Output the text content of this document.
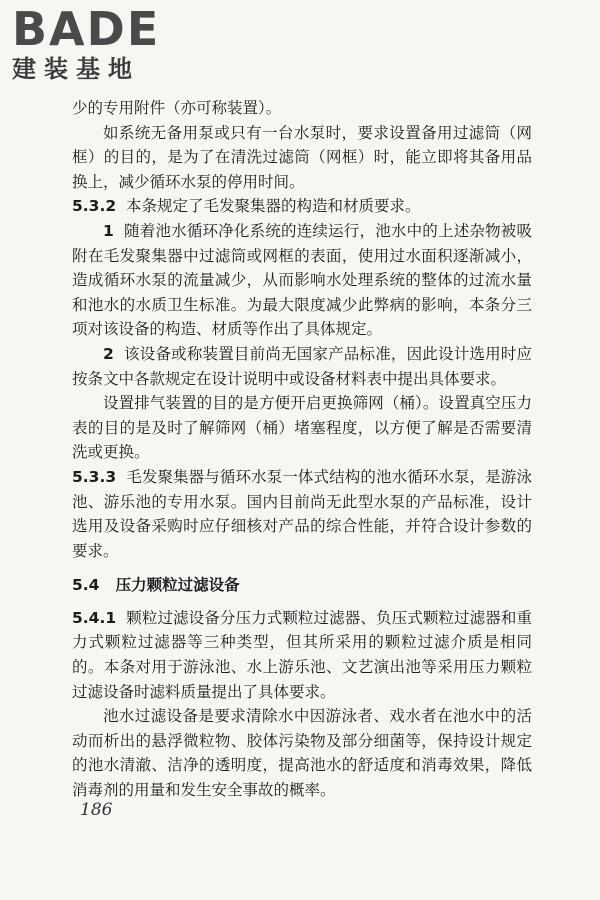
BADE
建装基地

少的专用附件（亦可称装置）。

如系统无备用泵或只有一台水泵时，要求设置备用过滤筒（网框）的目的，是为了在清洗过滤筒（网框）时，能立即将其备用品换上，减少循环水泵的停用时间。

5.3.2 本条规定了毛发聚集器的构造和材质要求。

1 随着池水循环净化系统的连续运行，池水中的上述杂物被吸附在毛发聚集器中过滤筒或网框的表面，使用过水面积逐渐减小，造成循环水泵的流量减少，从而影响水处理系统的整体的过流水量和池水的水质卫生标准。为最大限度减少此弊病的影响，本条分三项对该设备的构造、材质等作出了具体规定。

2 该设备或称装置目前尚无国家产品标准，因此设计选用时应按条文中各款规定在设计说明中或设备材料表中提出具体要求。

设置排气装置的目的是方便开启更换筛网（桶）。设置真空压力表的目的是及时了解筛网（桶）堵塞程度，以方便了解是否需要清洗或更换。

5.3.3 毛发聚集器与循环水泵一体式结构的池水循环水泵，是游泳池、游乐池的专用水泵。国内目前尚无此型水泵的产品标准，设计选用及设备采购时应仔细核对产品的综合性能，并符合设计参数的要求。

5.4 压力颗粒过滤设备

5.4.1 颗粒过滤设备分压力式颗粒过滤器、负压式颗粒过滤器和重力式颗粒过滤器等三种类型，但其所采用的颗粒过滤介质是相同的。本条对用于游泳池、水上游乐池、文艺演出池等采用压力颗粒过滤设备时滤料质量提出了具体要求。

池水过滤设备是要求清除水中因游泳者、戏水者在池水中的活动而析出的悬浮微粒物、胶体污染物及部分细菌等，保持设计规定的池水清澈、洁净的透明度，提高池水的舒适度和消毒效果，降低消毒剂的用量和发生安全事故的概率。

186
